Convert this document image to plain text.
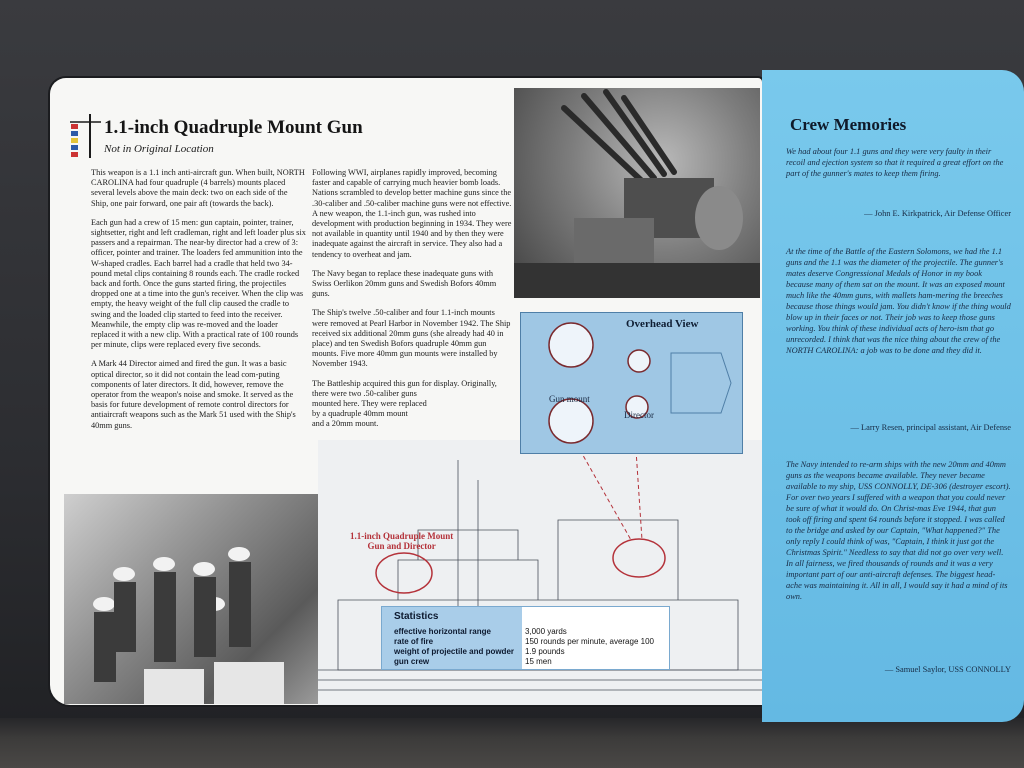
1.1-inch Quadruple Mount Gun

Not in Original Location

This weapon is a 1.1 inch anti-aircraft gun. When built, NORTH CAROLINA had four quadruple (4 barrels) mounts placed several levels above the main deck: two on each side of the Ship, one pair forward, one pair aft (towards the back).

Each gun had a crew of 15 men: gun captain, pointer, trainer, sightsetter, right and left cradleman, right and left loader plus six passers and a repairman. The near-by director had a crew of 3: officer, pointer and trainer. The loaders fed ammunition into the W-shaped cradles. Each barrel had a cradle that held two 34-pound metal clips containing 8 rounds each. The cradle rocked back and forth. Once the guns started firing, the projectiles dropped one at a time into the gun's receiver. When the clip was empty, the heavy weight of the full clip caused the cradle to swing and the loaded clip started to feed into the receiver. Meanwhile, the empty clip was re-moved and the loader replaced it with a new clip. With a practical rate of 100 rounds per minute, clips were replaced every five seconds.

A Mark 44 Director aimed and fired the gun. It was a basic optical director, so it did not contain the lead com-puting components of later directors. It did, however, remove the operator from the weapon's noise and smoke. It served as the basis for future development of remote control directors for antiaircraft weapons such as the Mark 51 used with the Ship's 40mm guns.

Following WWI, airplanes rapidly improved, becoming faster and capable of carrying much heavier bomb loads. Nations scrambled to develop better machine guns since the .30-caliber and .50-caliber machine guns were not effective. A new weapon, the 1.1-inch gun, was rushed into development with production beginning in 1934. They were not available in quantity until 1940 and by then they were inadequate against the aircraft in service. They also had a tendency to overheat and jam.

The Navy began to replace these inadequate guns with Swiss Oerlikon 20mm guns and Swedish Bofors 40mm guns.

The Ship's twelve .50-caliber and four 1.1-inch mounts were removed at Pearl Harbor in November 1942. The Ship received six additional 20mm guns (she already had 40 in place) and ten Swedish Bofors quadruple 40mm gun mounts. Five more 40mm gun mounts were installed by November 1943.

The Battleship acquired this gun for display. Originally, there were two .50-caliber guns
mounted here. They were replaced
by a quadruple 40mm mount
and a 20mm mount.

Overhead View

Gun mount

Director

1.1-inch Quadruple Mount
Gun and Director

Statistics

effective horizontal range	3,000 yards

rate of fire	150 rounds per minute, average 100

weight of projectile and powder 1.9 pounds

gun crew	15 men

Crew Memories

We had about four 1.1 guns and they were very faulty in their recoil and ejection system so that it required a great effort on the part of the gunner's mates to keep them firing.

— John E. Kirkpatrick, Air Defense Officer

At the time of the Battle of the Eastern Solomons, we had the 1.1 guns and the 1.1 was the diameter of the projectile. The gunner's mates deserve Congressional Medals of Honor in my book because many of them sat on the mount. It was an exposed mount much like the 40mm guns, with mallets ham-mering the breeches because those things would jam. You didn't know if the thing would blow up in their faces or not. Their job was to keep those guns working. You think of these individual acts of hero-ism that go unrecorded. I think that was the nice thing about the crew of the NORTH CAROLINA: a job was to be done and they did it.

— Larry Resen, principal assistant, Air Defense

The Navy intended to re-arm ships with the new 20mm and 40mm guns as the weapons became available. They never became available to my ship, USS CONNOLLY, DE-306 (destroyer escort). For over two years I suffered with a weapon that you could never be sure of what it would do. On Christ-mas Eve 1944, that gun took off firing and spent 64 rounds before it stopped. I was called to the bridge and asked by our Captain, "What happened?" The only reply I could think of was, "Captain, I think it just got the Christmas Spirit." Needless to say that did not go over very well. In all fairness, we fired thousands of rounds and it was a very important part of our anti-aircraft defenses. The biggest head-ache was maintaining it. All in all, I would say it had a mind of its own.

— Samuel Saylor, USS CONNOLLY
